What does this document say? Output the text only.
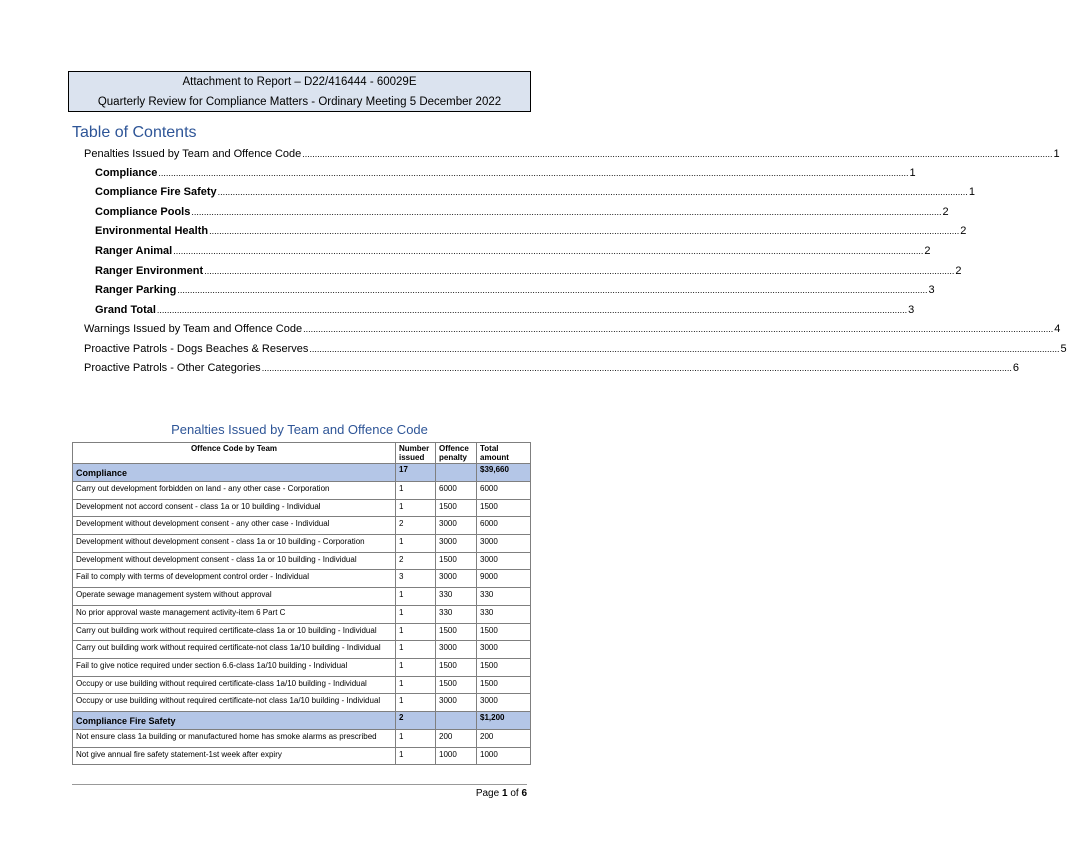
Attachment to Report – D22/416444 - 60029E
Quarterly Review for Compliance Matters - Ordinary Meeting 5 December 2022
Table of Contents
Penalties Issued by Team and Offence Code ............................................................................................................................................................................................................................................................................................................ 1
Compliance ............................................................................................................................................................................................................................................................................................................ 1
Compliance Fire Safety ............................................................................................................................................................................................................................................................................................................ 1
Compliance Pools ............................................................................................................................................................................................................................................................................................................ 2
Environmental Health ............................................................................................................................................................................................................................................................................................................ 2
Ranger Animal ............................................................................................................................................................................................................................................................................................................ 2
Ranger Environment ............................................................................................................................................................................................................................................................................................................ 2
Ranger Parking ............................................................................................................................................................................................................................................................................................................ 3
Grand Total ............................................................................................................................................................................................................................................................................................................ 3
Warnings Issued by Team and Offence Code ............................................................................................................................................................................................................................................................................................................ 4
Proactive Patrols - Dogs Beaches & Reserves ............................................................................................................................................................................................................................................................................................................ 5
Proactive Patrols - Other Categories ............................................................................................................................................................................................................................................................................................................ 6
Penalties Issued by Team and Offence Code
Offence Code by Team	Number issued	Offence penalty	Total amount
Compliance	17		$39,660
Carry out development forbidden on land - any other case - Corporation	1	6000	6000
Development not accord consent - class 1a or 10 building - Individual	1	1500	1500
Development without development consent - any other case - Individual	2	3000	6000
Development without development consent - class 1a or 10 building - Corporation	1	3000	3000
Development without development consent - class 1a or 10 building - Individual	2	1500	3000
Fail to comply with terms of development control order - Individual	3	3000	9000
Operate sewage management system without approval	1	330	330
No prior approval waste management activity-item 6 Part C	1	330	330
Carry out building work without required certificate-class 1a or 10 building - Individual	1	1500	1500
Carry out building work without required certificate-not class 1a/10 building - Individual	1	3000	3000
Fail to give notice required under section 6.6-class 1a/10 building - Individual	1	1500	1500
Occupy or use building without required certificate-class 1a/10 building - Individual	1	1500	1500
Occupy or use building without required certificate-not class 1a/10 building - Individual	1	3000	3000
Compliance Fire Safety	2		$1,200
Not ensure class 1a building or manufactured home has smoke alarms as prescribed	1	200	200
Not give annual fire safety statement-1st week after expiry	1	1000	1000
Page 1 of 6
